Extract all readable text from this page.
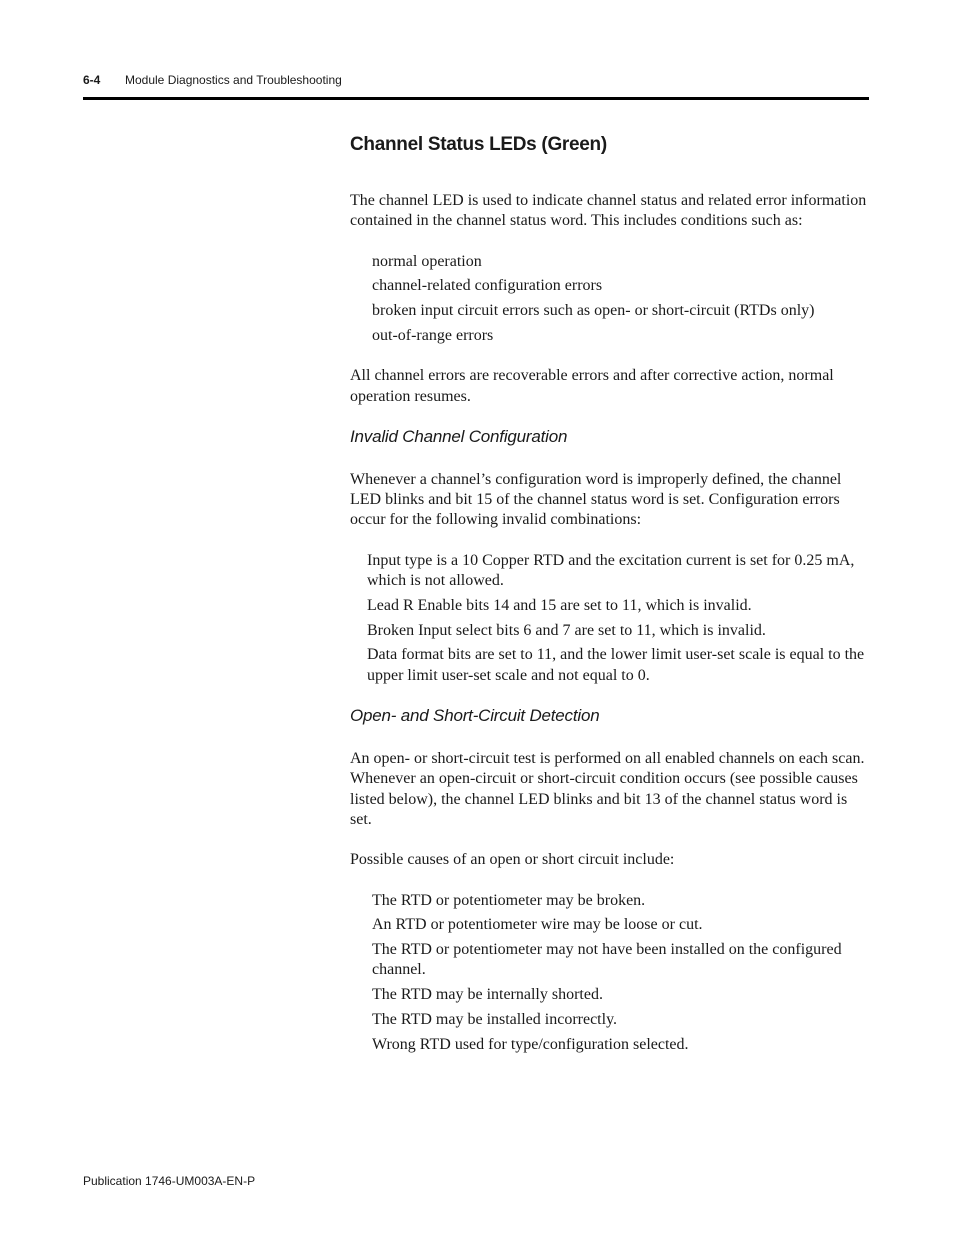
6-4 Module Diagnostics and Troubleshooting
Channel Status LEDs (Green)

The channel LED is used to indicate channel status and related error information contained in the channel status word. This includes conditions such as:

normal operation
channel-related configuration errors
broken input circuit errors such as open- or short-circuit (RTDs only)
out-of-range errors

All channel errors are recoverable errors and after corrective action, normal operation resumes.

Invalid Channel Configuration

Whenever a channel’s configuration word is improperly defined, the channel LED blinks and bit 15 of the channel status word is set. Configuration errors occur for the following invalid combinations:

Input type is a 10 Copper RTD and the excitation current is set for 0.25 mA, which is not allowed.
Lead R Enable bits 14 and 15 are set to 11, which is invalid.
Broken Input select bits 6 and 7 are set to 11, which is invalid.
Data format bits are set to 11, and the lower limit user-set scale is equal to the upper limit user-set scale and not equal to 0.
Open- and Short-Circuit Detection

An open- or short-circuit test is performed on all enabled channels on each scan. Whenever an open-circuit or short-circuit condition occurs (see possible causes listed below), the channel LED blinks and bit 13 of the channel status word is set.

Possible causes of an open or short circuit include:

The RTD or potentiometer may be broken.
An RTD or potentiometer wire may be loose or cut.
The RTD or potentiometer may not have been installed on the configured channel.
The RTD may be internally shorted.
The RTD may be installed incorrectly.
Wrong RTD used for type/configuration selected.
Publication 1746-UM003A-EN-P
